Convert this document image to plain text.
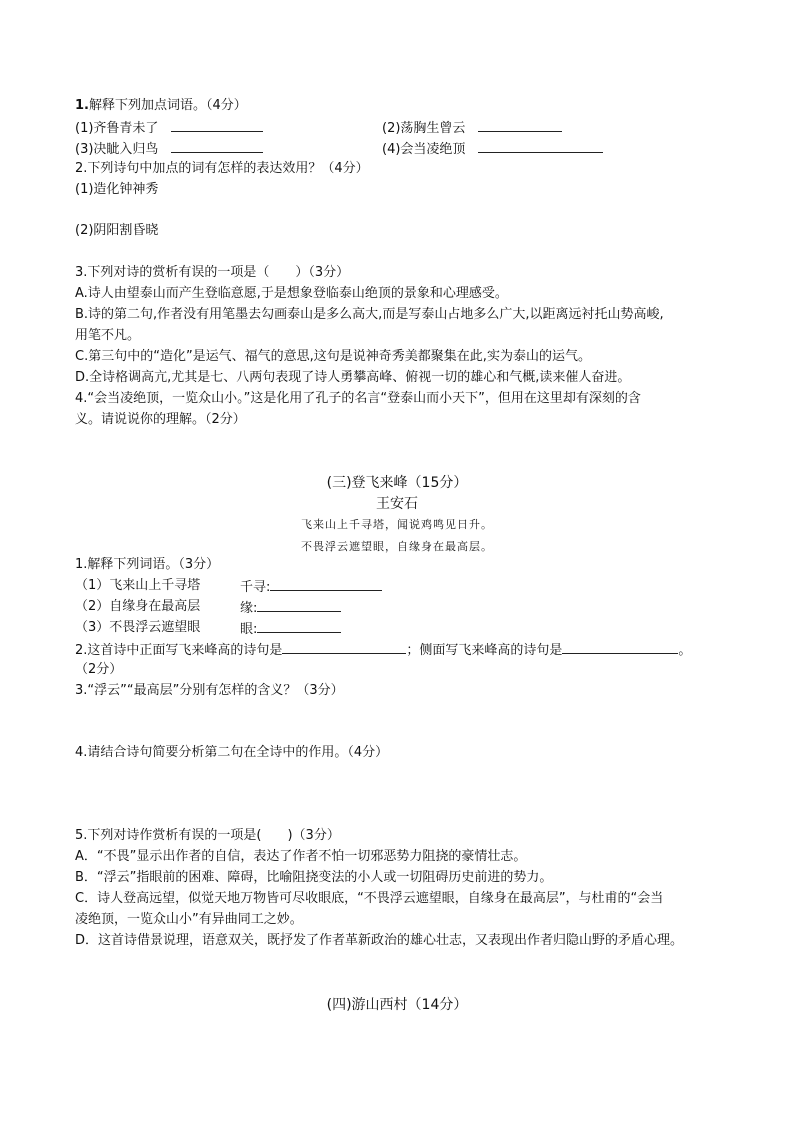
1.解释下列加点词语。（4分）
(1)齐鲁青未了	(2)荡胸生曾云
(3)决眦入归鸟	(4)会当凌绝顶
2.下列诗句中加点的词有怎样的表达效用？（4分）
(1)造化钟神秀
(2)阴阳割昏晓
3.下列对诗的赏析有误的一项是（　　）（3分）
A.诗人由望泰山而产生登临意愿,于是想象登临泰山绝顶的景象和心理感受。
B.诗的第二句,作者没有用笔墨去勾画泰山是多么高大,而是写泰山占地多么广大,以距离远衬托山势高峻,
用笔不凡。
C.第三句中的“造化”是运气、福气的意思,这句是说神奇秀美都聚集在此,实为泰山的运气。
D.全诗格调高亢,尤其是七、八两句表现了诗人勇攀高峰、俯视一切的雄心和气概,读来催人奋进。
4.“会当凌绝顶，一览众山小。”这是化用了孔子的名言“登泰山而小天下”，但用在这里却有深刻的含
义。请说说你的理解。（2分）
(三)登飞来峰（15分）
王安石
飞来山上千寻塔，闻说鸡鸣见日升。
不畏浮云遮望眼，自缘身在最高层。
1.解释下列词语。（3分）
（1）飞来山上千寻塔	千寻:
（2）自缘身在最高层	缘:
（3）不畏浮云遮望眼	眼:
2.这首诗中正面写飞来峰高的诗句是	；侧面写飞来峰高的诗句是	。
（2分）
3.“浮云”“最高层”分别有怎样的含义？（3分）
4.请结合诗句简要分析第二句在全诗中的作用。（4分）
5.下列对诗作赏析有误的一项是(　　)（3分）
A．“不畏”显示出作者的自信，表达了作者不怕一切邪恶势力阻挠的豪情壮志。
B．“浮云”指眼前的困难、障碍，比喻阻挠变法的小人或一切阻碍历史前进的势力。
C．诗人登高远望，似觉天地万物皆可尽收眼底，“不畏浮云遮望眼，自缘身在最高层”，与杜甫的“会当
凌绝顶，一览众山小”有异曲同工之妙。
D．这首诗借景说理，语意双关，既抒发了作者革新政治的雄心壮志，又表现出作者归隐山野的矛盾心理。
(四)游山西村（14分）
